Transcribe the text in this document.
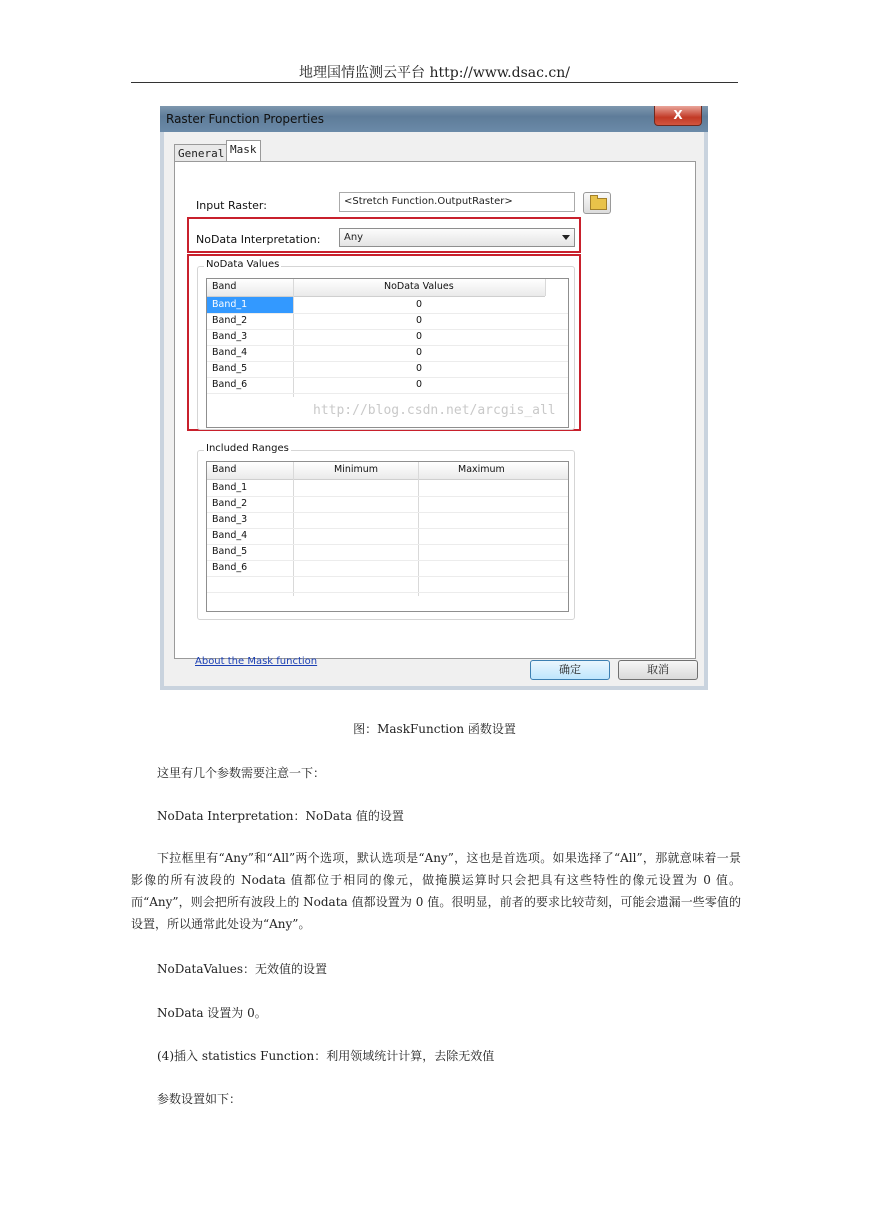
地理国情监测云平台 http://www.dsac.cn/
Raster Function Properties	X
General Mask
Input Raster:	<Stretch Function.OutputRaster>
NoData Interpretation:	Any
NoData Values
Band	NoData Values
Band_1	0
Band_2	0
Band_3	0
Band_4	0
Band_5	0
Band_6	0
http://blog.csdn.net/arcgis_all
Included Ranges
Band	Minimum	Maximum
Band_1
Band_2
Band_3
Band_4
Band_5
Band_6
About the Mask function
确定	取消
图：MaskFunction 函数设置
这里有几个参数需要注意一下：
NoData Interpretation：NoData 值的设置
下拉框里有“Any”和“All”两个选项，默认选项是“Any”，这也是首选项。如果选择了“All”，那就意味着一景影像的所有波段的 Nodata 值都位于相同的像元，做掩膜运算时只会把具有这些特性的像元设置为 0 值。而“Any”，则会把所有波段上的 Nodata 值都设置为 0 值。很明显，前者的要求比较苛刻，可能会遗漏一些零值的设置，所以通常此处设为“Any”。
NoDataValues：无效值的设置
NoData 设置为 0。
(4)插入 statistics Function：利用领域统计计算，去除无效值
参数设置如下：
